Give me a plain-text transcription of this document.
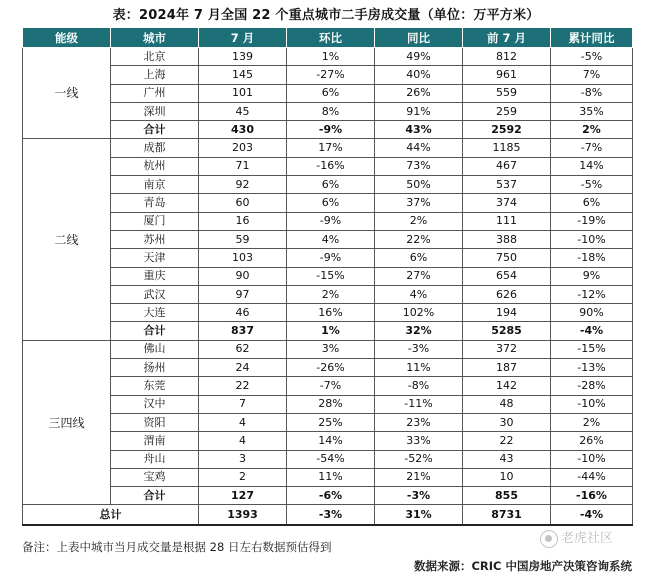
表：2024年 7 月全国 22 个重点城市二手房成交量（单位：万平方米）
能级	城市	7 月	环比	同比	前 7 月	累计同比
一线	北京	139	1%	49%	812	-5%
	上海	145	-27%	40%	961	7%
	广州	101	6%	26%	559	-8%
	深圳	45	8%	91%	259	35%
	合计	430	-9%	43%	2592	2%
二线	成都	203	17%	44%	1185	-7%
	杭州	71	-16%	73%	467	14%
	南京	92	6%	50%	537	-5%
	青岛	60	6%	37%	374	6%
	厦门	16	-9%	2%	111	-19%
	苏州	59	4%	22%	388	-10%
	天津	103	-9%	6%	750	-18%
	重庆	90	-15%	27%	654	9%
	武汉	97	2%	4%	626	-12%
	大连	46	16%	102%	194	90%
	合计	837	1%	32%	5285	-4%
三四线	佛山	62	3%	-3%	372	-15%
	扬州	24	-26%	11%	187	-13%
	东莞	22	-7%	-8%	142	-28%
	汉中	7	28%	-11%	48	-10%
	资阳	4	25%	23%	30	2%
	渭南	4	14%	33%	22	26%
	舟山	3	-54%	-52%	43	-10%
	宝鸡	2	11%	21%	10	-44%
	合计	127	-6%	-3%	855	-16%
总计		1393	-3%	31%	8731	-4%
备注：上表中城市当月成交量是根据 28 日左右数据预估得到
老虎社区
数据来源：CRIC 中国房地产决策咨询系统
